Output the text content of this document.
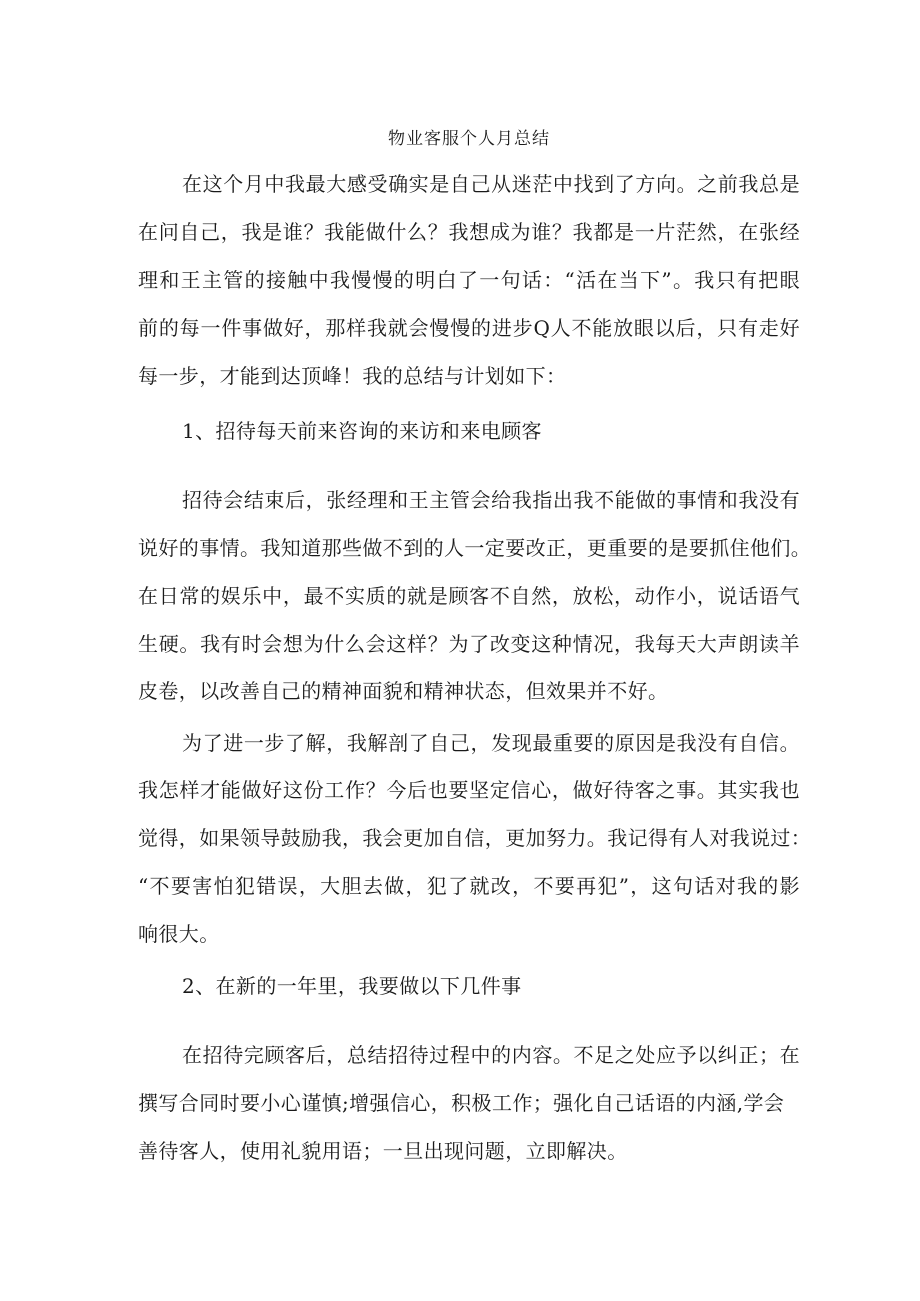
物业客服个人月总结
在这个月中我最大感受确实是自己从迷茫中找到了方向。之前我总是
在问自己，我是谁？我能做什么？我想成为谁？我都是一片茫然，在张经
理和王主管的接触中我慢慢的明白了一句话：“活在当下”。我只有把眼
前的每一件事做好，那样我就会慢慢的进步Q人不能放眼以后，只有走好
每一步，才能到达顶峰！我的总结与计划如下：
1、招待每天前来咨询的来访和来电顾客
招待会结束后，张经理和王主管会给我指出我不能做的事情和我没有
说好的事情。我知道那些做不到的人一定要改正，更重要的是要抓住他们。
在日常的娱乐中，最不实质的就是顾客不自然，放松，动作小，说话语气
生硬。我有时会想为什么会这样？为了改变这种情况，我每天大声朗读羊
皮卷，以改善自己的精神面貌和精神状态，但效果并不好。
为了进一步了解，我解剖了自己，发现最重要的原因是我没有自信。
我怎样才能做好这份工作？今后也要坚定信心，做好待客之事。其实我也
觉得，如果领导鼓励我，我会更加自信，更加努力。我记得有人对我说过：
“不要害怕犯错误，大胆去做，犯了就改，不要再犯”，这句话对我的影
响很大。
2、在新的一年里，我要做以下几件事
在招待完顾客后，总结招待过程中的内容。不足之处应予以纠正；在
撰写合同时要小心谨慎;增强信心，积极工作；强化自己话语的内涵,学会
善待客人，使用礼貌用语；一旦出现问题，立即解决。
